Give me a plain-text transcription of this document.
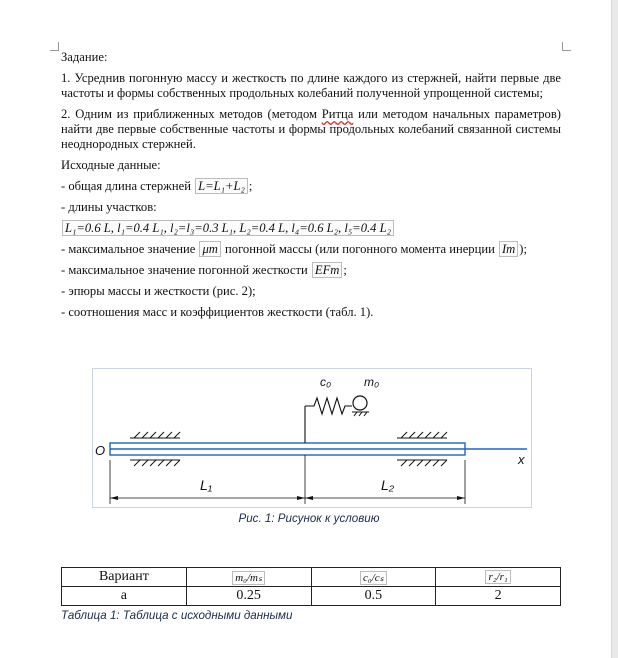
Задание:

1. Усреднив погонную массу и жесткость по длине каждого из стержней, найти первые две частоты и формы собственных продольных колебаний полученной упрощенной системы;

2. Одним из приближенных методов (методом Ритца или методом начальных параметров) найти две первые собственные частоты и формы продольных колебаний связанной системы неоднородных стержней.

Исходные данные:

- общая длина стержней L=L₁+L₂ ;

- длины участков:

L₁=0.6 L, l₁=0.4 L₁, l₂=l₃=0.3 L₁, L₂=0.4 L, l₄=0.6 L₂, l₅=0.4 L₂

- максимальное значение μm погонной массы (или погонного момента инерции Im );

- максимальное значение погонной жесткости EFm ;

- эпюры массы и жесткости (рис. 2);

- соотношения масс и коэффициентов жесткости (табл. 1).

c₀	m₀
O
x
L₁	L₂
Рис. 1: Рисунок к условию
Вариант	m₀/mₛ	c₀/cₛ	r₂/r₁
а	0.25	0.5	2
Таблица 1: Таблица с исходными данными
